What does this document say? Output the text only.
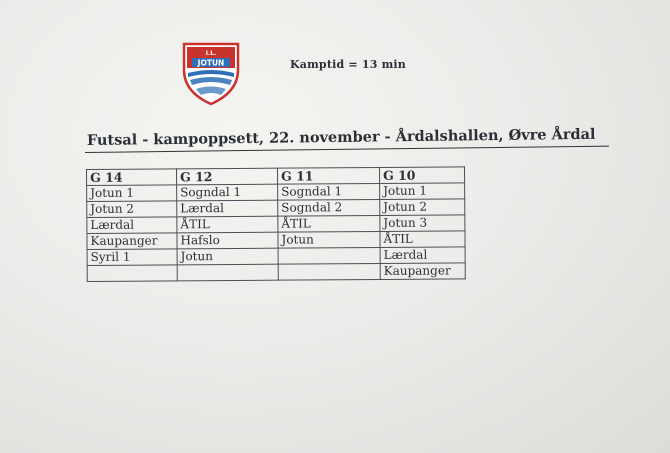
I.L.
JOTUN	Kamptid = 13 min
Futsal - kampoppsett, 22. november - Årdalshallen, Øvre Årdal
G 14	G 12	G 11	G 10
Jotun 1	Sogndal 1	Sogndal 1	Jotun 1
Jotun 2	Lærdal	Sogndal 2	Jotun 2
Lærdal	ÅTIL	ÅTIL	Jotun 3
Kaupanger	Hafslo	Jotun	ÅTIL
Syril 1	Jotun		Lærdal
			Kaupanger
